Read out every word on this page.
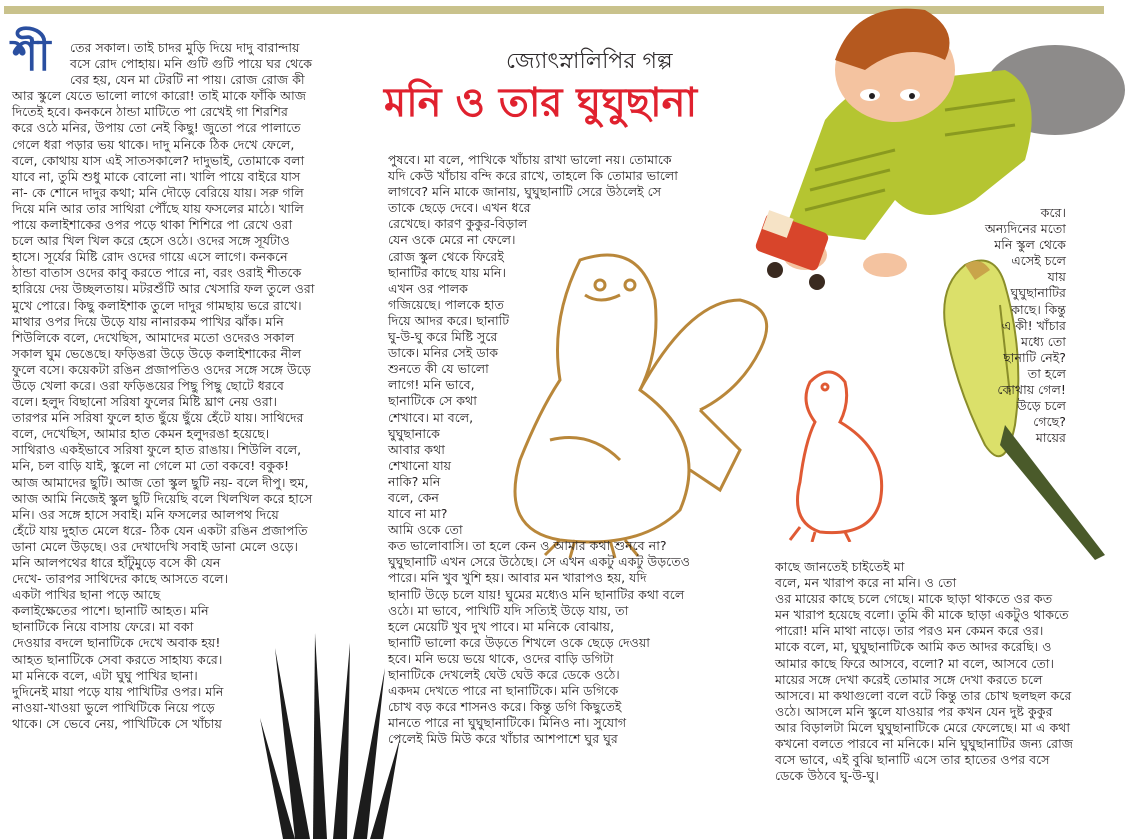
জ্যোৎস্নালিপির গল্প
মনি ও তার ঘুঘুছানা
শী	তের সকাল। তাই চাদর মুড়ি দিয়ে দাদু বারান্দায়

বসে রোদ পোহায়। মনি গুটি গুটি পায়ে ঘর থেকে

বের হয়, যেন মা টেরটি না পায়। রোজ রোজ কী

আর স্কুলে যেতে ভালো লাগে কারো! তাই মাকে ফাঁকি আজ

দিতেই হবে। কনকনে ঠান্ডা মাটিতে পা রেখেই গা শিরশির

করে ওঠে মনির, উপায় তো নেই কিছু! জুতো পরে পালাতে

গেলে ধরা পড়ার ভয় থাকে। দাদু মনিকে ঠিক দেখে ফেলে,

বলে, কোথায় যাস এই সাতসকালে? দাদুভাই, তোমাকে বলা

যাবে না, তুমি শুধু মাকে বোলো না। খালি পায়ে বাইরে যাস

না- কে শোনে দাদুর কথা; মনি দৌড়ে বেরিয়ে যায়। সরু গলি

দিয়ে মনি আর তার সাথিরা পৌঁছে যায় ফসলের মাঠে। খালি

পায়ে কলাইশাকের ওপর পড়ে থাকা শিশিরে পা রেখে ওরা

চলে আর খিল খিল করে হেসে ওঠে। ওদের সঙ্গে সূর্যটাও

হাসে। সূর্যের মিষ্টি রোদ ওদের গায়ে এসে লাগে। কনকনে

ঠান্ডা বাতাস ওদের কাবু করতে পারে না, বরং ওরাই শীতকে

হারিয়ে দেয় উচ্ছলতায়। মটরশুঁটি আর খেসারি ফল তুলে ওরা

মুখে পোরে। কিছু কলাইশাক তুলে দাদুর গামছায় ভরে রাখে।

মাথার ওপর দিয়ে উড়ে যায় নানারকম পাখির ঝাঁক। মনি

শিউলিকে বলে, দেখেছিস, আমাদের মতো ওদেরও সকাল

সকাল ঘুম ভেঙেছে। ফড়িঙরা উড়ে উড়ে কলাইশাকের নীল

ফুলে বসে। কয়েকটা রঙিন প্রজাপতিও ওদের সঙ্গে সঙ্গে উড়ে

উড়ে খেলা করে। ওরা ফড়িঙয়ের পিছু পিছু ছোটে ধরবে

বলে। হলুদ বিছানো সরিষা ফুলের মিষ্টি ঘ্রাণ নেয় ওরা।

তারপর মনি সরিষা ফুলে হাত ছুঁয়ে ছুঁয়ে হেঁটে যায়। সাথিদের

বলে, দেখেছিস, আমার হাত কেমন হলুদরঙা হয়েছে।

সাথিরাও একইভাবে সরিষা ফুলে হাত রাঙায়। শিউলি বলে,

মনি, চল বাড়ি যাই, স্কুলে না গেলে মা তো বকবে! বকুক!

আজ আমাদের ছুটি। আজ তো স্কুল ছুটি নয়- বলে দীপু। হুম,

আজ আমি নিজেই স্কুল ছুটি দিয়েছি বলে খিলখিল করে হাসে

মনি। ওর সঙ্গে হাসে সবাই। মনি ফসলের আলপথ দিয়ে

হেঁটে যায় দুহাত মেলে ধরে- ঠিক যেন একটা রঙিন প্রজাপতি

ডানা মেলে উড়ছে। ওর দেখাদেখি সবাই ডানা মেলে ওড়ে।

মনি আলপথের ধারে হাঁটুমুড়ে বসে কী যেন

দেখে- তারপর সাথিদের কাছে আসতে বলে।

একটা পাখির ছানা পড়ে আছে

কলাইক্ষেতের পাশে। ছানাটি আহত। মনি

ছানাটিকে নিয়ে বাসায় ফেরে। মা বকা

দেওয়ার বদলে ছানাটিকে দেখে অবাক হয়!

আহত ছানাটিকে সেবা করতে সাহায্য করে।

মা মনিকে বলে, এটা ঘুঘু পাখির ছানা।

দুদিনেই মায়া পড়ে যায় পাখিটির ওপর। মনি

নাওয়া-খাওয়া ভুলে পাখিটিকে নিয়ে পড়ে

থাকে। সে ভেবে নেয়, পাখিটিকে সে খাঁচায়

পুষবে। মা বলে, পাখিকে খাঁচায় রাখা ভালো নয়। তোমাকে

যদি কেউ খাঁচায় বন্দি করে রাখে, তাহলে কি তোমার ভালো

লাগবে? মনি মাকে জানায়, ঘুঘুছানাটি সেরে উঠলেই সে

তাকে ছেড়ে দেবে। এখন ধরে

রেখেছে। কারণ কুকুর-বিড়াল

যেন ওকে মেরে না ফেলে।

রোজ স্কুল থেকে ফিরেই

ছানাটির কাছে যায় মনি।

এখন ওর পালক

গজিয়েছে। পালকে হাত

দিয়ে আদর করে। ছানাটি

ঘু-উ-ঘু করে মিষ্টি সুরে

ডাকে। মনির সেই ডাক

শুনতে কী যে ভালো

লাগে! মনি ভাবে,

ছানাটিকে সে কথা

শেখাবে। মা বলে,

ঘুঘুছানাকে

আবার কথা

শেখানো যায়

নাকি? মনি

বলে, কেন

যাবে না মা?

আমি ওকে তো

কত ভালোবাসি। তা হলে কেন ও আমার কথা শুনবে না?

ঘুঘুছানাটি এখন সেরে উঠেছে। সে এখন একটু একটু উড়তেও

পারে। মনি খুব খুশি হয়। আবার মন খারাপও হয়, যদি

ছানাটি উড়ে চলে যায়! ঘুমের মধ্যেও মনি ছানাটির কথা বলে

ওঠে। মা ভাবে, পাখিটি যদি সত্যিই উড়ে যায়, তা

হলে মেয়েটি খুব দুখ পাবে। মা মনিকে বোঝায়,

ছানাটি ভালো করে উড়তে শিখলে ওকে ছেড়ে দেওয়া

হবে। মনি ভয়ে ভয়ে থাকে, ওদের বাড়ি ডগিটা

ছানাটিকে দেখলেই ঘেউ ঘেউ করে ডেকে ওঠে।

একদম দেখতে পারে না ছানাটিকে। মনি ডগিকে

চোখ বড় করে শাসনও করে। কিন্তু ডগি কিছুতেই

মানতে পারে না ঘুঘুছানাটিকে। মিনিও না। সুযোগ

পেলেই মিউ মিউ করে খাঁচার আশপাশে ঘুর ঘুর

কাছে জানতেই চাইতেই মা

বলে, মন খারাপ করে না মনি। ও তো

ওর মায়ের কাছে চলে গেছে। মাকে ছাড়া থাকতে ওর কত

মন খারাপ হয়েছে বলো। তুমি কী মাকে ছাড়া একটুও থাকতে

পারো! মনি মাথা নাড়ে। তার পরও মন কেমন করে ওর।

মাকে বলে, মা, ঘুঘুছানাটিকে আমি কত আদর করেছি। ও

আমার কাছে ফিরে আসবে, বলো? মা বলে, আসবে তো।

মায়ের সঙ্গে দেখা করেই তোমার সঙ্গে দেখা করতে চলে

আসবে। মা কথাগুলো বলে বটে কিন্তু তার চোখ ছলছল করে

ওঠে। আসলে মনি স্কুলে যাওয়ার পর কখন যেন দুষ্ট কুকুর

আর বিড়ালটা মিলে ঘুঘুছানাটিকে মেরে ফেলেছে। মা এ কথা

কখনো বলতে পারবে না মনিকে। মনি ঘুঘুছানাটির জন্য রোজ

বসে ভাবে, এই বুঝি ছানাটি এসে তার হাতের ওপর বসে

ডেকে উঠবে ঘু-উ-ঘু।

করে।

অন্যদিনের মতো

মনি স্কুল থেকে

এসেই চলে

যায়

ঘুঘুছানাটির

কাছে। কিন্তু

এ কী! খাঁচার

মধ্যে তো

ছানাটি নেই?

তা হলে

কোথায় গেল!

উড়ে চলে

গেছে?

মায়ের
